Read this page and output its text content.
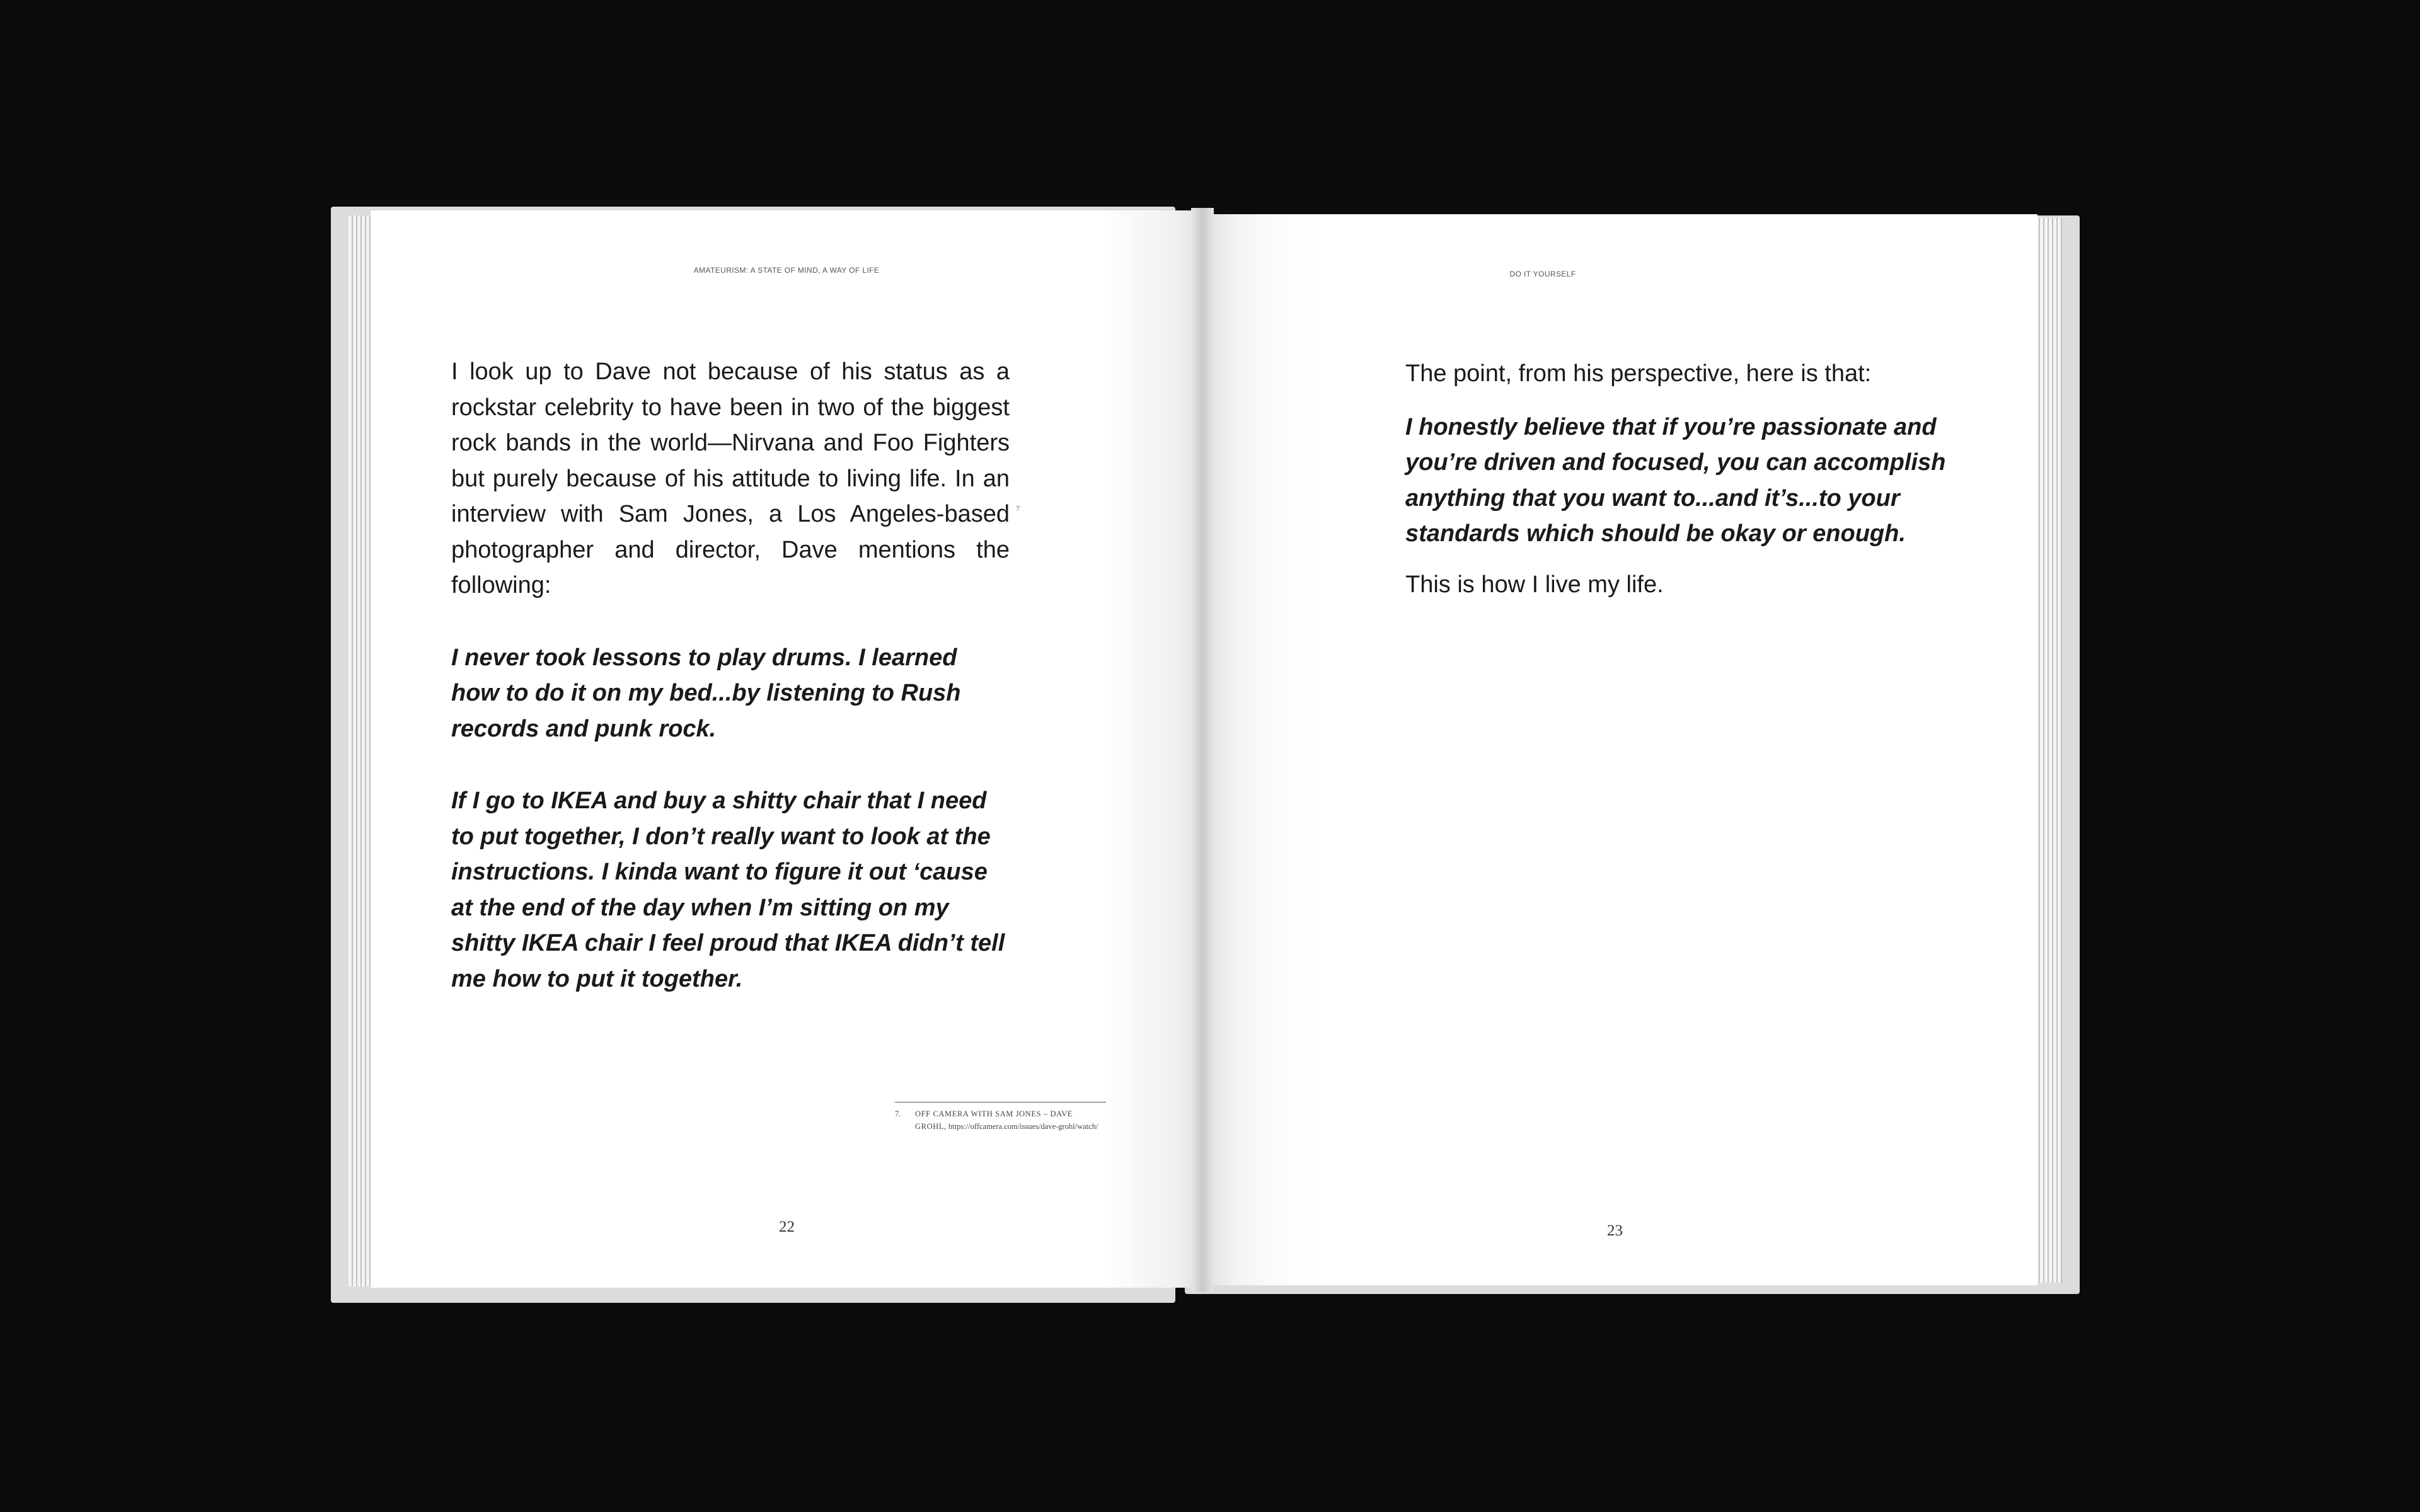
AMATEURISM: A STATE OF MIND, A WAY OF LIFE

I look up to Dave not because of his status as a rockstar celebrity to have been in two of the biggest rock bands in the world—Nirvana and Foo Fighters but purely because of his attitude to living life. In an interview with Sam Jones, a Los Angeles-based photographer and director, Dave mentions the following:

I never took lessons to play drums. I learned how to do it on my bed...by listening to Rush records and punk rock.

If I go to IKEA and buy a shitty chair that I need to put together, I don’t really want to look at the instructions. I kinda want to figure it out ‘cause at the end of the day when I’m sitting on my shitty IKEA chair I feel proud that IKEA didn’t tell me how to put it together.

7
7. OFF CAMERA WITH SAM JONES – DAVE GROHL, https://offcamera.com/issues/dave-grohl/watch/
22
DO IT YOURSELF

The point, from his perspective, here is that:

I honestly believe that if you’re passionate and you’re driven and focused, you can accomplish anything that you want to...and it’s...to your standards which should be okay or enough.

This is how I live my life.

23
